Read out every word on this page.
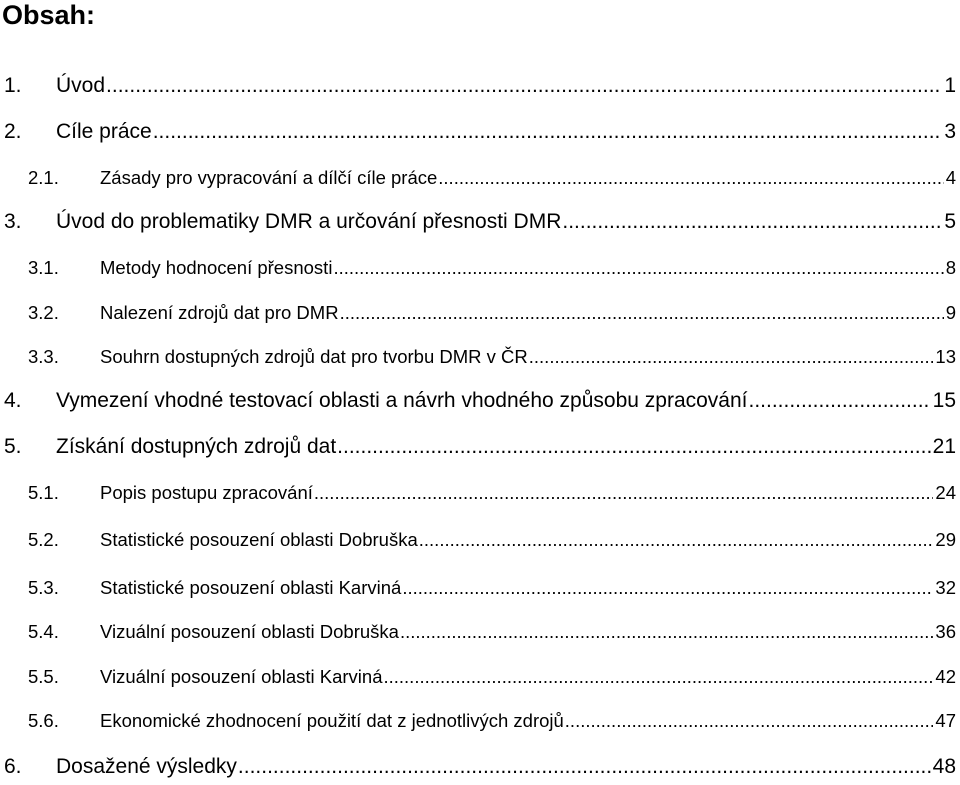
Obsah:
1.	Úvod .....	1
2.	Cíle práce .....	3
2.1.	Zásady pro vypracování a dílčí cíle práce .....	4
3.	Úvod do problematiky DMR a určování přesnosti DMR .....	5
3.1.	Metody hodnocení přesnosti .....	8
3.2.	Nalezení zdrojů dat pro DMR .....	9
3.3.	Souhrn dostupných zdrojů dat pro tvorbu DMR v ČR .....	13
4.	Vymezení vhodné testovací oblasti a návrh vhodného způsobu zpracování .....	15
5.	Získání dostupných zdrojů dat .....	21
5.1.	Popis postupu zpracování .....	24
5.2.	Statistické posouzení oblasti Dobruška .....	29
5.3.	Statistické posouzení oblasti Karviná .....	32
5.4.	Vizuální posouzení oblasti Dobruška .....	36
5.5.	Vizuální posouzení oblasti Karviná .....	42
5.6.	Ekonomické zhodnocení použití dat z jednotlivých zdrojů .....	47
6.	Dosažené výsledky .....	48
